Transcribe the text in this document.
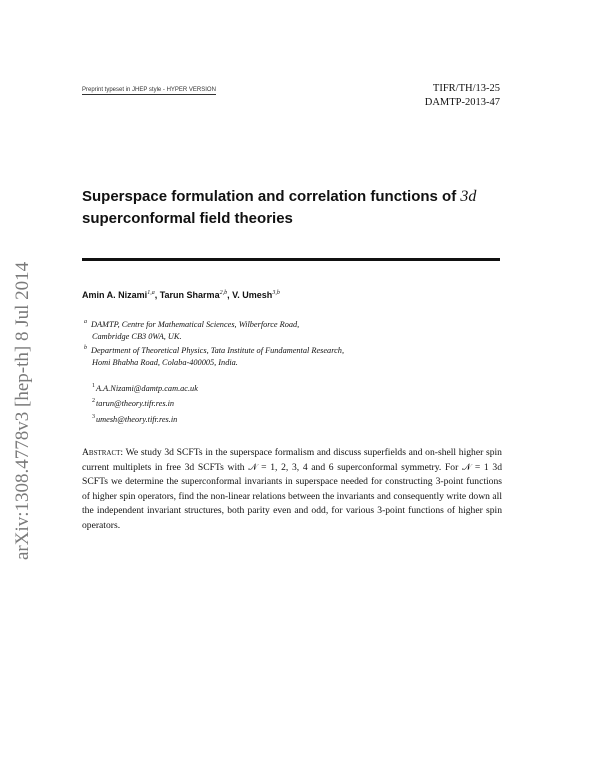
arXiv:1308.4778v3 [hep-th] 8 Jul 2014
Preprint typeset in JHEP style - HYPER VERSION	TIFR/TH/13-25
DAMTP-2013-47
Superspace formulation and correlation functions of 3d
superconformal field theories
Amin A. Nizami$^{1,a}$, Tarun Sharma$^{2,b}$, V. Umesh$^{3,b}$
$^a$ DAMTP, Centre for Mathematical Sciences, Wilberforce Road,
Cambridge CB3 0WA, UK.
$^b$ Department of Theoretical Physics, Tata Institute of Fundamental Research,
Homi Bhabha Road, Colaba-400005, India.
$^1$A.A.Nizami@damtp.cam.ac.uk
$^2$tarun@theory.tifr.res.in
$^3$umesh@theory.tifr.res.in

Abstract: We study 3d SCFTs in the superspace formalism and discuss superfields and on-shell higher spin current multiplets in free 3d SCFTs with 𝒩 = 1, 2, 3, 4 and 6 superconformal symmetry. For 𝒩 = 1 3d SCFTs we determine the superconformal invariants in superspace needed for constructing 3-point functions of higher spin operators, find the non-linear relations between the invariants and consequently write down all the independent invariant structures, both parity even and odd, for various 3-point functions of higher spin operators.
